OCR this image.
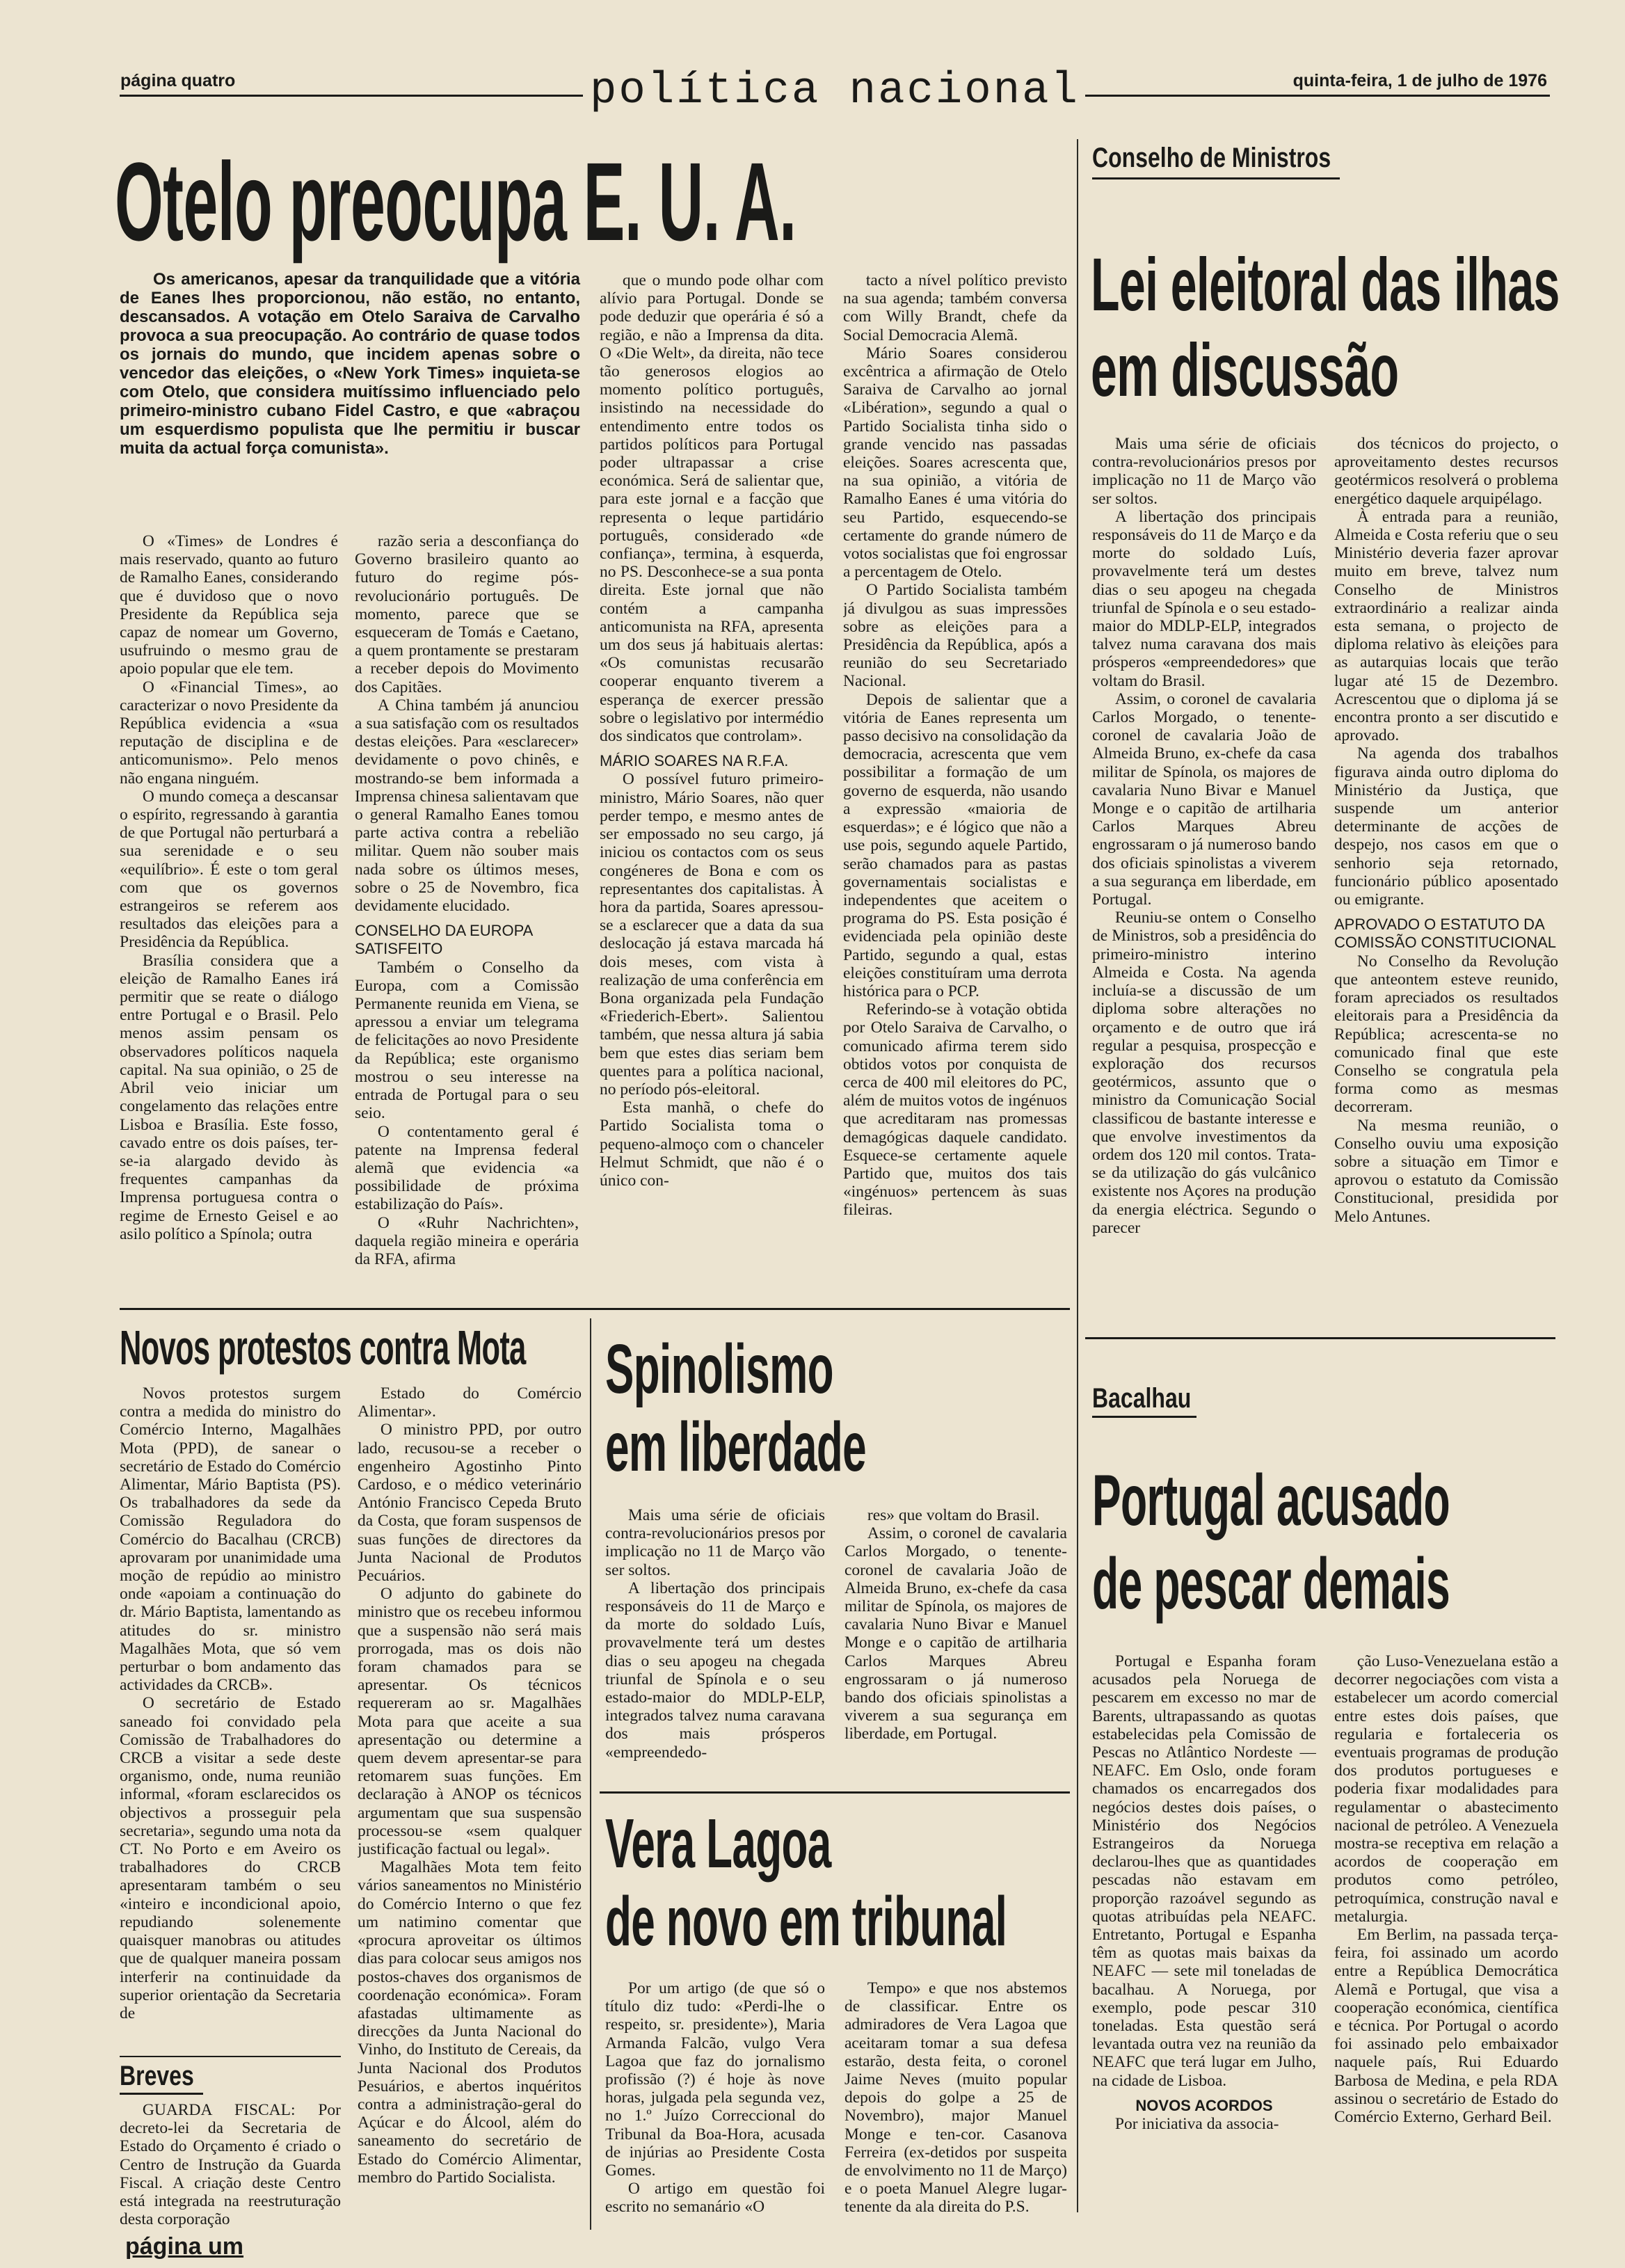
página quatro	política nacional	quinta-feira, 1 de julho de 1976
Otelo preocupa E. U. A.

Os americanos, apesar da tranquilidade que a vitória de Eanes lhes proporcionou, não estão, no entanto, descansados. A votação em Otelo Saraiva de Carvalho provoca a sua preocupação. Ao contrário de quase todos os jornais do mundo, que incidem apenas sobre o vencedor das eleições, o «New York Times» inquieta-se com Otelo, que considera muitíssimo influenciado pelo primeiro-ministro cubano Fidel Castro, e que «abraçou um esquerdismo populista que lhe permitiu ir buscar muita da actual força comunista».

O «Times» de Londres é mais reservado, quanto ao futuro de Ramalho Eanes, considerando que é duvidoso que o novo Presidente da República seja capaz de nomear um Governo, usufruindo o mesmo grau de apoio popular que ele tem.

O «Financial Times», ao caracterizar o novo Presidente da República evidencia a «sua reputação de disciplina e de anticomunismo». Pelo menos não engana ninguém.

O mundo começa a descansar o espírito, regressando à garantia de que Portugal não perturbará a sua serenidade e o seu «equilíbrio». É este o tom geral com que os governos estrangeiros se referem aos resultados das eleições para a Presidência da República.

Brasília considera que a eleição de Ramalho Eanes irá permitir que se reate o diálogo entre Portugal e o Brasil. Pelo menos assim pensam os observadores políticos naquela capital. Na sua opinião, o 25 de Abril veio iniciar um congelamento das relações entre Lisboa e Brasília. Este fosso, cavado entre os dois países, ter-se-ia alargado devido às frequentes campanhas da Imprensa portuguesa contra o regime de Ernesto Geisel e ao asilo político a Spínola; outra

razão seria a desconfiança do Governo brasileiro quanto ao futuro do regime pós-revolucionário português. De momento, parece que se esqueceram de Tomás e Caetano, a quem prontamente se prestaram a receber depois do Movimento dos Capitães.

A China também já anunciou a sua satisfação com os resultados destas eleições. Para «esclarecer» devidamente o povo chinês, e mostrando-se bem informada a Imprensa chinesa salientavam que o general Ramalho Eanes tomou parte activa contra a rebelião militar. Quem não souber mais nada sobre os últimos meses, sobre o 25 de Novembro, fica devidamente elucidado.

CONSELHO DA EUROPA SATISFEITO

Também o Conselho da Europa, com a Comissão Permanente reunida em Viena, se apressou a enviar um telegrama de felicitações ao novo Presidente da República; este organismo mostrou o seu interesse na entrada de Portugal para o seu seio.

O contentamento geral é patente na Imprensa federal alemã que evidencia «a possibilidade de próxima estabilização do País».

O «Ruhr Nachrichten», daquela região mineira e operária da RFA, afirma

que o mundo pode olhar com alívio para Portugal. Donde se pode deduzir que operária é só a região, e não a Imprensa da dita. O «Die Welt», da direita, não tece tão generosos elogios ao momento político português, insistindo na necessidade do entendimento entre todos os partidos políticos para Portugal poder ultrapassar a crise económica. Será de salientar que, para este jornal e a facção que representa o leque partidário português, considerado «de confiança», termina, à esquerda, no PS. Desconhece-se a sua ponta direita. Este jornal que não contém a campanha anticomunista na RFA, apresenta um dos seus já habituais alertas: «Os comunistas recusarão cooperar enquanto tiverem a esperança de exercer pressão sobre o legislativo por intermédio dos sindicatos que controlam».

MÁRIO SOARES NA R.F.A.

O possível futuro primeiro-ministro, Mário Soares, não quer perder tempo, e mesmo antes de ser empossado no seu cargo, já iniciou os contactos com os seus congéneres de Bona e com os representantes dos capitalistas. À hora da partida, Soares apressou-se a esclarecer que a data da sua deslocação já estava marcada há dois meses, com vista à realização de uma conferência em Bona organizada pela Fundação «Friederich-Ebert». Salientou também, que nessa altura já sabia bem que estes dias seriam bem quentes para a política nacional, no período pós-eleitoral.

Esta manhã, o chefe do Partido Socialista toma o pequeno-almoço com o chanceler Helmut Schmidt, que não é o único con-

tacto a nível político previsto na sua agenda; também conversa com Willy Brandt, chefe da Social Democracia Alemã.

Mário Soares considerou excêntrica a afirmação de Otelo Saraiva de Carvalho ao jornal «Libération», segundo a qual o Partido Socialista tinha sido o grande vencido nas passadas eleições. Soares acrescenta que, na sua opinião, a vitória de Ramalho Eanes é uma vitória do seu Partido, esquecendo-se certamente do grande número de votos socialistas que foi engrossar a percentagem de Otelo.

O Partido Socialista também já divulgou as suas impressões sobre as eleições para a Presidência da República, após a reunião do seu Secretariado Nacional.

Depois de salientar que a vitória de Eanes representa um passo decisivo na consolidação da democracia, acrescenta que vem possibilitar a formação de um governo de esquerda, não usando a expressão «maioria de esquerdas»; e é lógico que não a use pois, segundo aquele Partido, serão chamados para as pastas governamentais socialistas e independentes que aceitem o programa do PS. Esta posição é evidenciada pela opinião deste Partido, segundo a qual, estas eleições constituíram uma derrota histórica para o PCP.

Referindo-se à votação obtida por Otelo Saraiva de Carvalho, o comunicado afirma terem sido obtidos votos por conquista de cerca de 400 mil eleitores do PC, além de muitos votos de ingénuos que acreditaram nas promessas demagógicas daquele candidato. Esquece-se certamente aquele Partido que, muitos dos tais «ingénuos» pertencem às suas fileiras.

Conselho de Ministros
Lei eleitoral das ilhas
em discussão

Mais uma série de oficiais contra-revolucionários presos por implicação no 11 de Março vão ser soltos.

A libertação dos principais responsáveis do 11 de Março e da morte do soldado Luís, provavelmente terá um destes dias o seu apogeu na chegada triunfal de Spínola e o seu estado-maior do MDLP-ELP, integrados talvez numa caravana dos mais prósperos «empreendedores» que voltam do Brasil.

Assim, o coronel de cavalaria Carlos Morgado, o tenente-coronel de cavalaria João de Almeida Bruno, ex-chefe da casa militar de Spínola, os majores de cavalaria Nuno Bivar e Manuel Monge e o capitão de artilharia Carlos Marques Abreu engrossaram o já numeroso bando dos oficiais spinolistas a viverem a sua segurança em liberdade, em Portugal.

Reuniu-se ontem o Conselho de Ministros, sob a presidência do primeiro-ministro interino Almeida e Costa. Na agenda incluía-se a discussão de um diploma sobre alterações no orçamento e de outro que irá regular a pesquisa, prospecção e exploração dos recursos geotérmicos, assunto que o ministro da Comunicação Social classificou de bastante interesse e que envolve investimentos da ordem dos 120 mil contos. Trata-se da utilização do gás vulcânico existente nos Açores na produção da energia eléctrica. Segundo o parecer

dos técnicos do projecto, o aproveitamento destes recursos geotérmicos resolverá o problema energético daquele arquipélago.

À entrada para a reunião, Almeida e Costa referiu que o seu Ministério deveria fazer aprovar muito em breve, talvez num Conselho de Ministros extraordinário a realizar ainda esta semana, o projecto de diploma relativo às eleições para as autarquias locais que terão lugar até 15 de Dezembro. Acrescentou que o diploma já se encontra pronto a ser discutido e aprovado.

Na agenda dos trabalhos figurava ainda outro diploma do Ministério da Justiça, que suspende um anterior determinante de acções de despejo, nos casos em que o senhorio seja retornado, funcionário público aposentado ou emigrante.

APROVADO O ESTATUTO DA COMISSÃO CONSTITUCIONAL

No Conselho da Revolução que anteontem esteve reunido, foram apreciados os resultados eleitorais para a Presidência da República; acrescenta-se no comunicado final que este Conselho se congratula pela forma como as mesmas decorreram.

Na mesma reunião, o Conselho ouviu uma exposição sobre a situação em Timor e aprovou o estatuto da Comissão Constitucional, presidida por Melo Antunes.

Novos protestos contra Mota

Novos protestos surgem contra a medida do ministro do Comércio Interno, Magalhães Mota (PPD), de sanear o secretário de Estado do Comércio Alimentar, Mário Baptista (PS). Os trabalhadores da sede da Comissão Reguladora do Comércio do Bacalhau (CRCB) aprovaram por unanimidade uma moção de repúdio ao ministro onde «apoiam a continuação do dr. Mário Baptista, lamentando as atitudes do sr. ministro Magalhães Mota, que só vem perturbar o bom andamento das actividades da CRCB».

O secretário de Estado saneado foi convidado pela Comissão de Trabalhadores do CRCB a visitar a sede deste organismo, onde, numa reunião informal, «foram esclarecidos os objectivos a prosseguir pela secretaria», segundo uma nota da CT. No Porto e em Aveiro os trabalhadores do CRCB apresentaram também o seu «inteiro e incondicional apoio, repudiando solenemente quaisquer manobras ou atitudes que de qualquer maneira possam interferir na continuidade da superior orientação da Secretaria de

Estado do Comércio Alimentar».

O ministro PPD, por outro lado, recusou-se a receber o engenheiro Agostinho Pinto Cardoso, e o médico veterinário António Francisco Cepeda Bruto da Costa, que foram suspensos de suas funções de directores da Junta Nacional de Produtos Pecuários.

O adjunto do gabinete do ministro que os recebeu informou que a suspensão não será mais prorrogada, mas os dois não foram chamados para se apresentar. Os técnicos requereram ao sr. Magalhães Mota para que aceite a sua apresentação ou determine a quem devem apresentar-se para retomarem suas funções. Em declaração à ANOP os técnicos argumentam que sua suspensão processou-se «sem qualquer justificação factual ou legal».

Magalhães Mota tem feito vários saneamentos no Ministério do Comércio Interno o que fez um natimino comentar que «procura aproveitar os últimos dias para colocar seus amigos nos postos-chaves dos organismos de coordenação económica». Foram afastadas ultimamente as direcções da Junta Nacional do Vinho, do Instituto de Cereais, da Junta Nacional dos Produtos Pesuários, e abertos inquéritos contra a administração-geral do Açúcar e do Álcool, além do saneamento do secretário de Estado do Comércio Alimentar, membro do Partido Socialista.

Breves

GUARDA FISCAL: Por decreto-lei da Secretaria de Estado do Orçamento é criado o Centro de Instrução da Guarda Fiscal. A criação deste Centro está integrada na reestruturação desta corporação

página um
Spinolismo
em liberdade

Mais uma série de oficiais contra-revolucionários presos por implicação no 11 de Março vão ser soltos.

A libertação dos principais responsáveis do 11 de Março e da morte do soldado Luís, provavelmente terá um destes dias o seu apogeu na chegada triunfal de Spínola e o seu estado-maior do MDLP-ELP, integrados talvez numa caravana dos mais prósperos «empreendedo-

res» que voltam do Brasil.

Assim, o coronel de cavalaria Carlos Morgado, o tenente-coronel de cavalaria João de Almeida Bruno, ex-chefe da casa militar de Spínola, os majores de cavalaria Nuno Bivar e Manuel Monge e o capitão de artilharia Carlos Marques Abreu engrossaram o já numeroso bando dos oficiais spinolistas a viverem a sua segurança em liberdade, em Portugal.

Vera Lagoa
de novo em tribunal

Por um artigo (de que só o título diz tudo: «Perdi-lhe o respeito, sr. presidente»), Maria Armanda Falcão, vulgo Vera Lagoa que faz do jornalismo profissão (?) é hoje às nove horas, julgada pela segunda vez, no 1.º Juízo Correccional do Tribunal da Boa-Hora, acusada de injúrias ao Presidente Costa Gomes.

O artigo em questão foi escrito no semanário «O

Tempo» e que nos abstemos de classificar. Entre os admiradores de Vera Lagoa que aceitaram tomar a sua defesa estarão, desta feita, o coronel Jaime Neves (muito popular depois do golpe a 25 de Novembro), major Manuel Monge e ten-cor. Casanova Ferreira (ex-detidos por suspeita de envolvimento no 11 de Março) e o poeta Manuel Alegre lugar-tenente da ala direita do P.S.

Bacalhau
Portugal acusado
de pescar demais

Portugal e Espanha foram acusados pela Noruega de pescarem em excesso no mar de Barents, ultrapassando as quotas estabelecidas pela Comissão de Pescas no Atlântico Nordeste — NEAFC. Em Oslo, onde foram chamados os encarregados dos negócios destes dois países, o Ministério dos Negócios Estrangeiros da Noruega declarou-lhes que as quantidades pescadas não estavam em proporção razoável segundo as quotas atribuídas pela NEAFC. Entretanto, Portugal e Espanha têm as quotas mais baixas da NEAFC — sete mil toneladas de bacalhau. A Noruega, por exemplo, pode pescar 310 toneladas. Esta questão será levantada outra vez na reunião da NEAFC que terá lugar em Julho, na cidade de Lisboa.

NOVOS ACORDOS

Por iniciativa da associa-

ção Luso-Venezuelana estão a decorrer negociações com vista a estabelecer um acordo comercial entre estes dois países, que regularia e fortaleceria os eventuais programas de produção dos produtos portugueses e poderia fixar modalidades para regulamentar o abastecimento nacional de petróleo. A Venezuela mostra-se receptiva em relação a acordos de cooperação em produtos como petróleo, petroquímica, construção naval e metalurgia.

Em Berlim, na passada terça-feira, foi assinado um acordo entre a República Democrática Alemã e Portugal, que visa a cooperação económica, científica e técnica. Por Portugal o acordo foi assinado pelo embaixador naquele país, Rui Eduardo Barbosa de Medina, e pela RDA assinou o secretário de Estado do Comércio Externo, Gerhard Beil.
